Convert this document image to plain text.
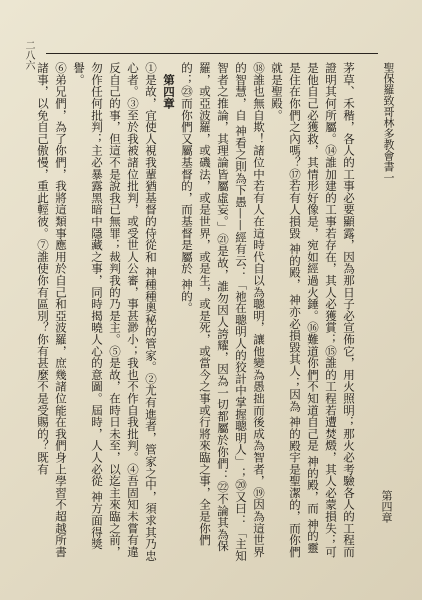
聖保羅致哥林多教會書一
第四章
二八六

茅草、禾稭，各人的工事必要顯露，因為那日子必宣佈它，用火照明；那火必考驗各人的工程而證明其何所屬。⑭誰加建的工事若存在，其人必獲賞；⑮誰的工程若遭焚燬，其人必蒙損失；可是他自己必獲救，其情形好像是，宛如經過火錘。⑯難道你們不知道自己是 神的殿，而 神的靈是住在你們之內嗎？⑰若有人損毀 神的殿， 神亦必損毀其人；因為 神的殿宇是聖潔的，而你們就是聖殿。

⑱誰也無自欺！諸位中若有人在這時代自以為聰明，讓他變為愚拙而後成為智者，⑲因為這世界的智慧，自 神看之則為下愚——經有云：「祂在聰明人的狡計中掌握聰明人」；⑳又曰：「主知智者之推論，其理論皆屬虛妄。」㉑是故，誰勿因人誇耀，因為一切都屬於你們：㉒不論其為保羅，或亞波羅，或磯法，或是世界，或是生，或是死，或當今之事或行將來臨之事，全是你們的；㉓而你們又屬基督的，而基督是屬於 神的。

第四章

①是故，宜使人視我輩猶基督的侍從和 神種種奧秘的管家。②尤有進者，管家之中，須求其乃忠心者。③至於我被諸位批判，或受世人公審，事甚渺小；我也不作自我批判。④吾固知未嘗有違反自己的事，但這不是說我已無罪；裁判我的乃是主。⑤是故，在時日未至，以迄主來臨之前，勿作任何批判；主必暴露黑暗中隱藏之事，同時揭曉人心的意圖。屆時，人人必從 神方面得獎譽。

⑥弟兄們，為了你們，我將這類事應用於自己和亞波羅，庶幾諸位能在我們身上學習不超越所書諸事，以免自己傲慢，重此輕彼。⑦誰使你有區別？你有甚麼不是受賜的？既有
